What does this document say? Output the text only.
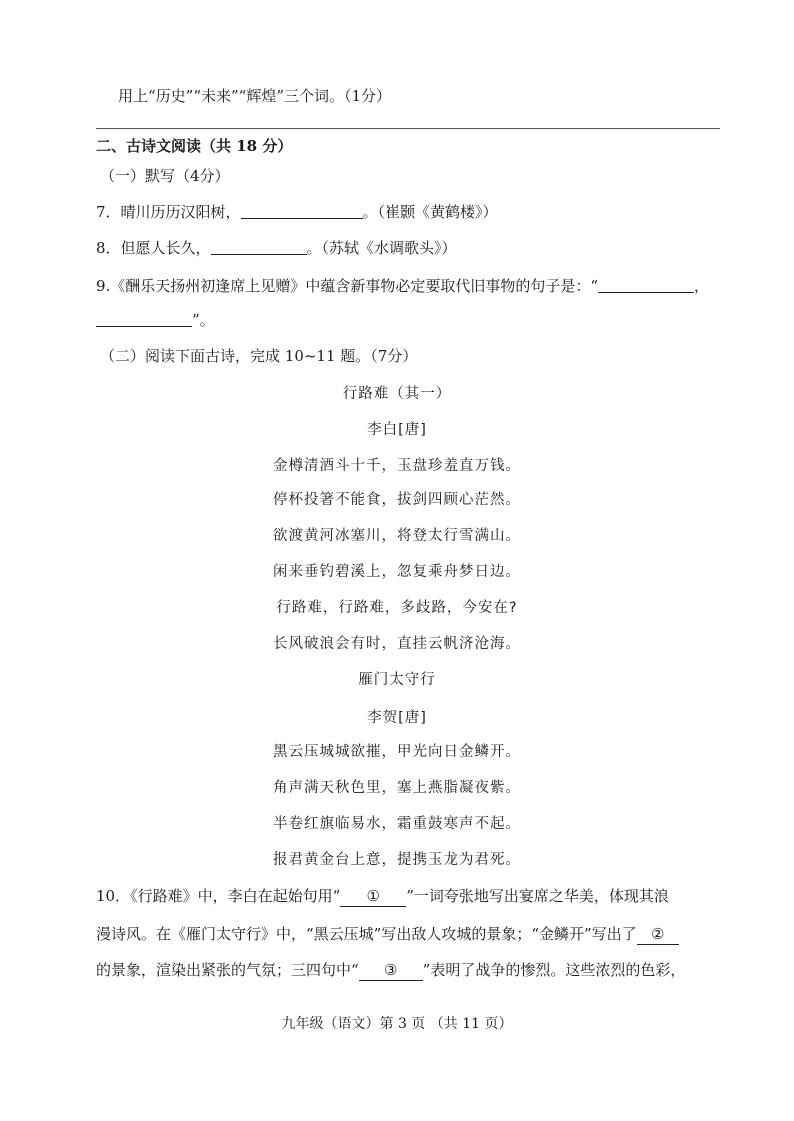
用上“历史”“未来”“辉煌”三个词。（1分）
二、古诗文阅读（共 18 分）
（一）默写（4分）
7．晴川历历汉阳树，	。（崔颢《黄鹤楼》）
8．但愿人长久，	。（苏轼《水调歌头》）
9.《酬乐天扬州初逢席上见赠》中蕴含新事物必定要取代旧事物的句子是：“	，
”。
（二）阅读下面古诗，完成 10~11 题。（7分）
行路难（其一）
李白[唐]
金樽清酒斗十千，玉盘珍羞直万钱。
停杯投箸不能食，拔剑四顾心茫然。
欲渡黄河冰塞川，将登太行雪满山。
闲来垂钓碧溪上，忽复乘舟梦日边。
行路难，行路难，多歧路，今安在?
长风破浪会有时，直挂云帆济沧海。
雁门太守行
李贺[唐]
黑云压城城欲摧，甲光向日金鳞开。
角声满天秋色里，塞上燕脂凝夜紫。
半卷红旗临易水，霜重鼓寒声不起。
报君黄金台上意，提携玉龙为君死。
10．《行路难》中，李白在起始句用“ ① ”一词夸张地写出宴席之华美，体现其浪
漫诗风。在《雁门太守行》中，“黑云压城”写出敌人攻城的景象；“金鳞开”写出了 ②
的景象，渲染出紧张的气氛；三四句中“ ③ ”表明了战争的惨烈。这些浓烈的色彩，
九年级（语文）第 3 页 （共 11 页）
